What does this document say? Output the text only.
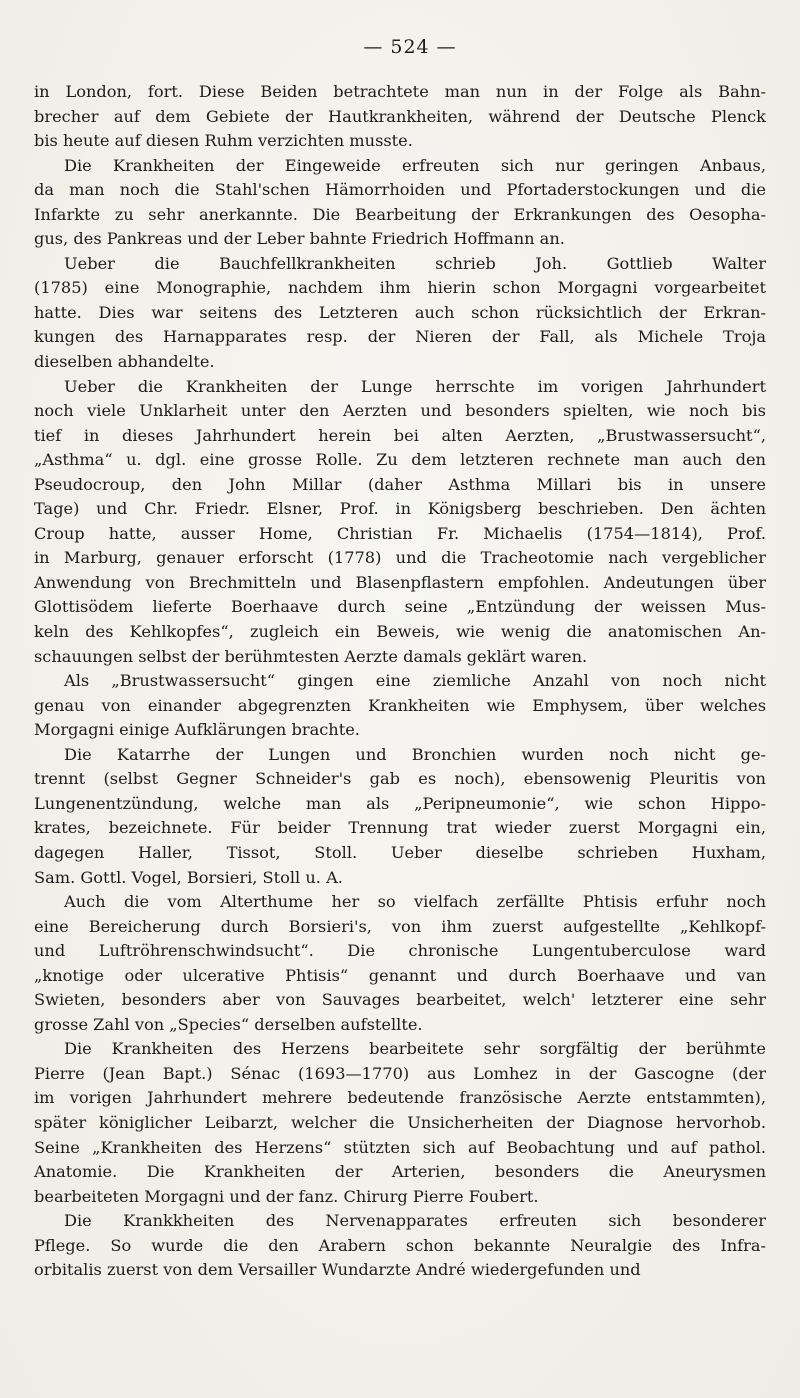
— 524 —
in London, fort. Diese Beiden betrachtete man nun in der Folge als Bahn-
brecher auf dem Gebiete der Hautkrankheiten, während der Deutsche Plenck
bis heute auf diesen Ruhm verzichten musste.
Die Krankheiten der Eingeweide erfreuten sich nur geringen Anbaus,
da man noch die Stahl'schen Hämorrhoiden und Pfortaderstockungen und die
Infarkte zu sehr anerkannte. Die Bearbeitung der Erkrankungen des Oesopha-
gus, des Pankreas und der Leber bahnte Friedrich Hoffmann an.
Ueber die Bauchfellkrankheiten schrieb Joh. Gottlieb Walter
(1785) eine Monographie, nachdem ihm hierin schon Morgagni vorgearbeitet
hatte. Dies war seitens des Letzteren auch schon rücksichtlich der Erkran-
kungen des Harnapparates resp. der Nieren der Fall, als Michele Troja
dieselben abhandelte.
Ueber die Krankheiten der Lunge herrschte im vorigen Jahrhundert
noch viele Unklarheit unter den Aerzten und besonders spielten, wie noch bis
tief in dieses Jahrhundert herein bei alten Aerzten, „Brustwassersucht“,
„Asthma“ u. dgl. eine grosse Rolle. Zu dem letzteren rechnete man auch den
Pseudocroup, den John Millar (daher Asthma Millari bis in unsere
Tage) und Chr. Friedr. Elsner, Prof. in Königsberg beschrieben. Den ächten
Croup hatte, ausser Home, Christian Fr. Michaelis (1754—1814), Prof.
in Marburg, genauer erforscht (1778) und die Tracheotomie nach vergeblicher
Anwendung von Brechmitteln und Blasenpflastern empfohlen. Andeutungen über
Glottisödem lieferte Boerhaave durch seine „Entzündung der weissen Mus-
keln des Kehlkopfes“, zugleich ein Beweis, wie wenig die anatomischen An-
schauungen selbst der berühmtesten Aerzte damals geklärt waren.
Als „Brustwassersucht“ gingen eine ziemliche Anzahl von noch nicht
genau von einander abgegrenzten Krankheiten wie Emphysem, über welches
Morgagni einige Aufklärungen brachte.
Die Katarrhe der Lungen und Bronchien wurden noch nicht ge-
trennt (selbst Gegner Schneider's gab es noch), ebensowenig Pleuritis von
Lungenentzündung, welche man als „Peripneumonie“, wie schon Hippo-
krates, bezeichnete. Für beider Trennung trat wieder zuerst Morgagni ein,
dagegen Haller, Tissot, Stoll. Ueber dieselbe schrieben Huxham,
Sam. Gottl. Vogel, Borsieri, Stoll u. A.
Auch die vom Alterthume her so vielfach zerfällte Phtisis erfuhr noch
eine Bereicherung durch Borsieri's, von ihm zuerst aufgestellte „Kehlkopf-
und Luftröhrenschwindsucht“. Die chronische Lungentuberculose ward
„knotige oder ulcerative Phtisis“ genannt und durch Boerhaave und van
Swieten, besonders aber von Sauvages bearbeitet, welch' letzterer eine sehr
grosse Zahl von „Species“ derselben aufstellte.
Die Krankheiten des Herzens bearbeitete sehr sorgfältig der berühmte
Pierre (Jean Bapt.) Sénac (1693—1770) aus Lomhez in der Gascogne (der
im vorigen Jahrhundert mehrere bedeutende französische Aerzte entstammten),
später königlicher Leibarzt, welcher die Unsicherheiten der Diagnose hervorhob.
Seine „Krankheiten des Herzens“ stützten sich auf Beobachtung und auf pathol.
Anatomie. Die Krankheiten der Arterien, besonders die Aneurysmen
bearbeiteten Morgagni und der fanz. Chirurg Pierre Foubert.
Die Krankkheiten des Nervenapparates erfreuten sich besonderer
Pflege. So wurde die den Arabern schon bekannte Neuralgie des Infra-
orbitalis zuerst von dem Versailler Wundarzte André wiedergefunden und
